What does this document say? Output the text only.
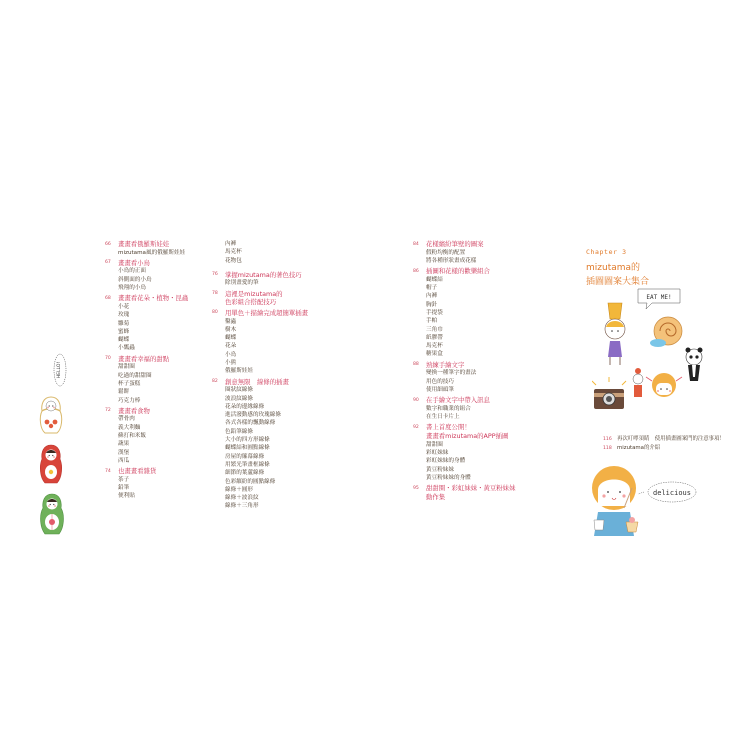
HELLO!
66 畫畫看俄羅斯娃娃
mizutama風的俄羅斯娃娃
67 畫畫看小鳥
小鳥的正面
斜側面的小鳥
飛翔的小鳥
68 畫畫看花朵・植物・昆蟲
小花
玫瑰
雛菊
蜜蜂
蝴蝶
小瓢蟲
70 畫畫看幸福的甜點
甜甜圈
吃過的甜甜圈
杯子蛋糕
鬆餅
巧克力棒
72 畫畫看食物
帶骨肉
義大利麵
蘇打和米飯
蔬果
漢堡
西瓜
74 也畫畫看雜貨
茶子
鉛筆
便利貼
內褲
馬克杯
花物包
76 掌握mizutama的著色技巧
除別畫愛的筆
78 這裡是mizutama的
色彩組合搭配技巧
80 用單色＋描繪完成超簡單插畫
鑿蟲
樹木
蝴蝶
花朵
小鳥
小熊
俄羅斯娃娃
82 創意無限　線條的插畫
圈狀紋線條
波浪紋線條
花朵的邊緣線條
進活潑動感的玫瑰線條
各式各樣的飄動線條
色鉛筆線條
大小的四方形線條
蝴蝶結和圓點線條
房屋的簾幕線條
用繁光筆畫框線條
細節的葉蘆線條
色彩繽紛的圓點線條
線條＋圓形
線條＋波浪紋
線條＋三角形
84 花樣繽紛筆壁的圖案
假粉均衡的配置
將各種形狀畫成花樣
86 插圖和花樣的歡樂組合
蝴蝶結
帽子
內褲
胸針
手提袋
手帕
三角巾
紙膠帶
馬克杯
糖果盒
88 熟練手繪文字
變換一種筆字的畫法
用色的技巧
使用細頭筆
90 在手繪文字中帶入訊息
數字和職業的組合
在生日卡片上
92 書上首度公開！
畫畫看mizutama的APP插圖
甜甜圈
彩虹妹妹
彩虹妹妹的身體
黃豆粉妹妹
黃豆粉妹妹的身體
95 甜甜圈・彩虹妹妹・黃豆粉妹妹
動作集
Chapter 3
mizutama的
插圖圖案大集合
EAT ME!
116 再次叮嚀須睛　使用插畫圖案門的注意事項！
118 mizutama的介紹
delicious
